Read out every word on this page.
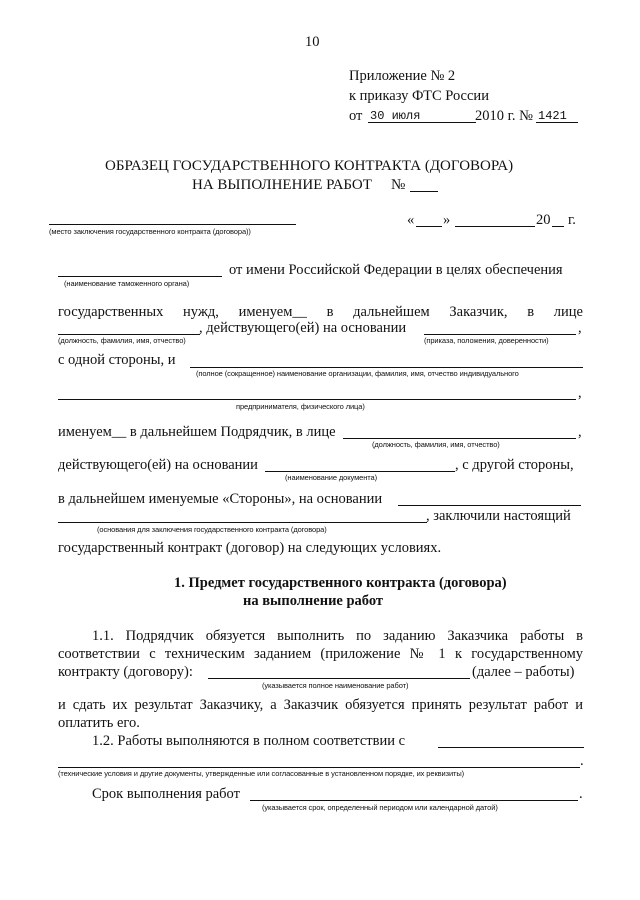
10
Приложение № 2
к приказу ФТС России
от 30 июля	2010 г. № 1421
ОБРАЗЕЦ ГОСУДАРСТВЕННОГО КОНТРАКТА (ДОГОВОРА)
НА ВЫПОЛНЕНИЕ РАБОТ №
(место заключения государственного контракта (договора))
« »	20 г.
(наименование таможенного органа)
от имени Российской Федерации в целях обеспечения
государственных нужд, именуем__ в дальнейшем Заказчик, в лице
(должность, фамилия, имя, отчество)
, действующего(ей) на основании
(приказа, положения, доверенности)
,
с одной стороны, и
(полное (сокращенное) наименование организации, фамилия, имя, отчество индивидуального
,
предпринимателя, физического лица)
именуем__ в дальнейшем Подрядчик, в лице
(должность, фамилия, имя, отчество)
,
действующего(ей) на основании
(наименование документа)
, с другой стороны,
в дальнейшем именуемые «Стороны», на основании
(основания для заключения государственного контракта (договора)
, заключили настоящий
государственный контракт (договор) на следующих условиях.
1. Предмет государственного контракта (договора)
на выполнение работ
1.1. Подрядчик обязуется выполнить по заданию Заказчика работы в
соответствии с техническим заданием (приложение № 1 к государственному
контракту (договору):
(указывается полное наименование работ)
(далее – работы)
и сдать их результат Заказчику, а Заказчик обязуется принять результат работ и
оплатить его.
1.2. Работы выполняются в полном соответствии с
.
(технические условия и другие документы, утвержденные или согласованные в установленном порядке, их реквизиты)
Срок выполнения работ	.
(указывается срок, определенный периодом или календарной датой)
